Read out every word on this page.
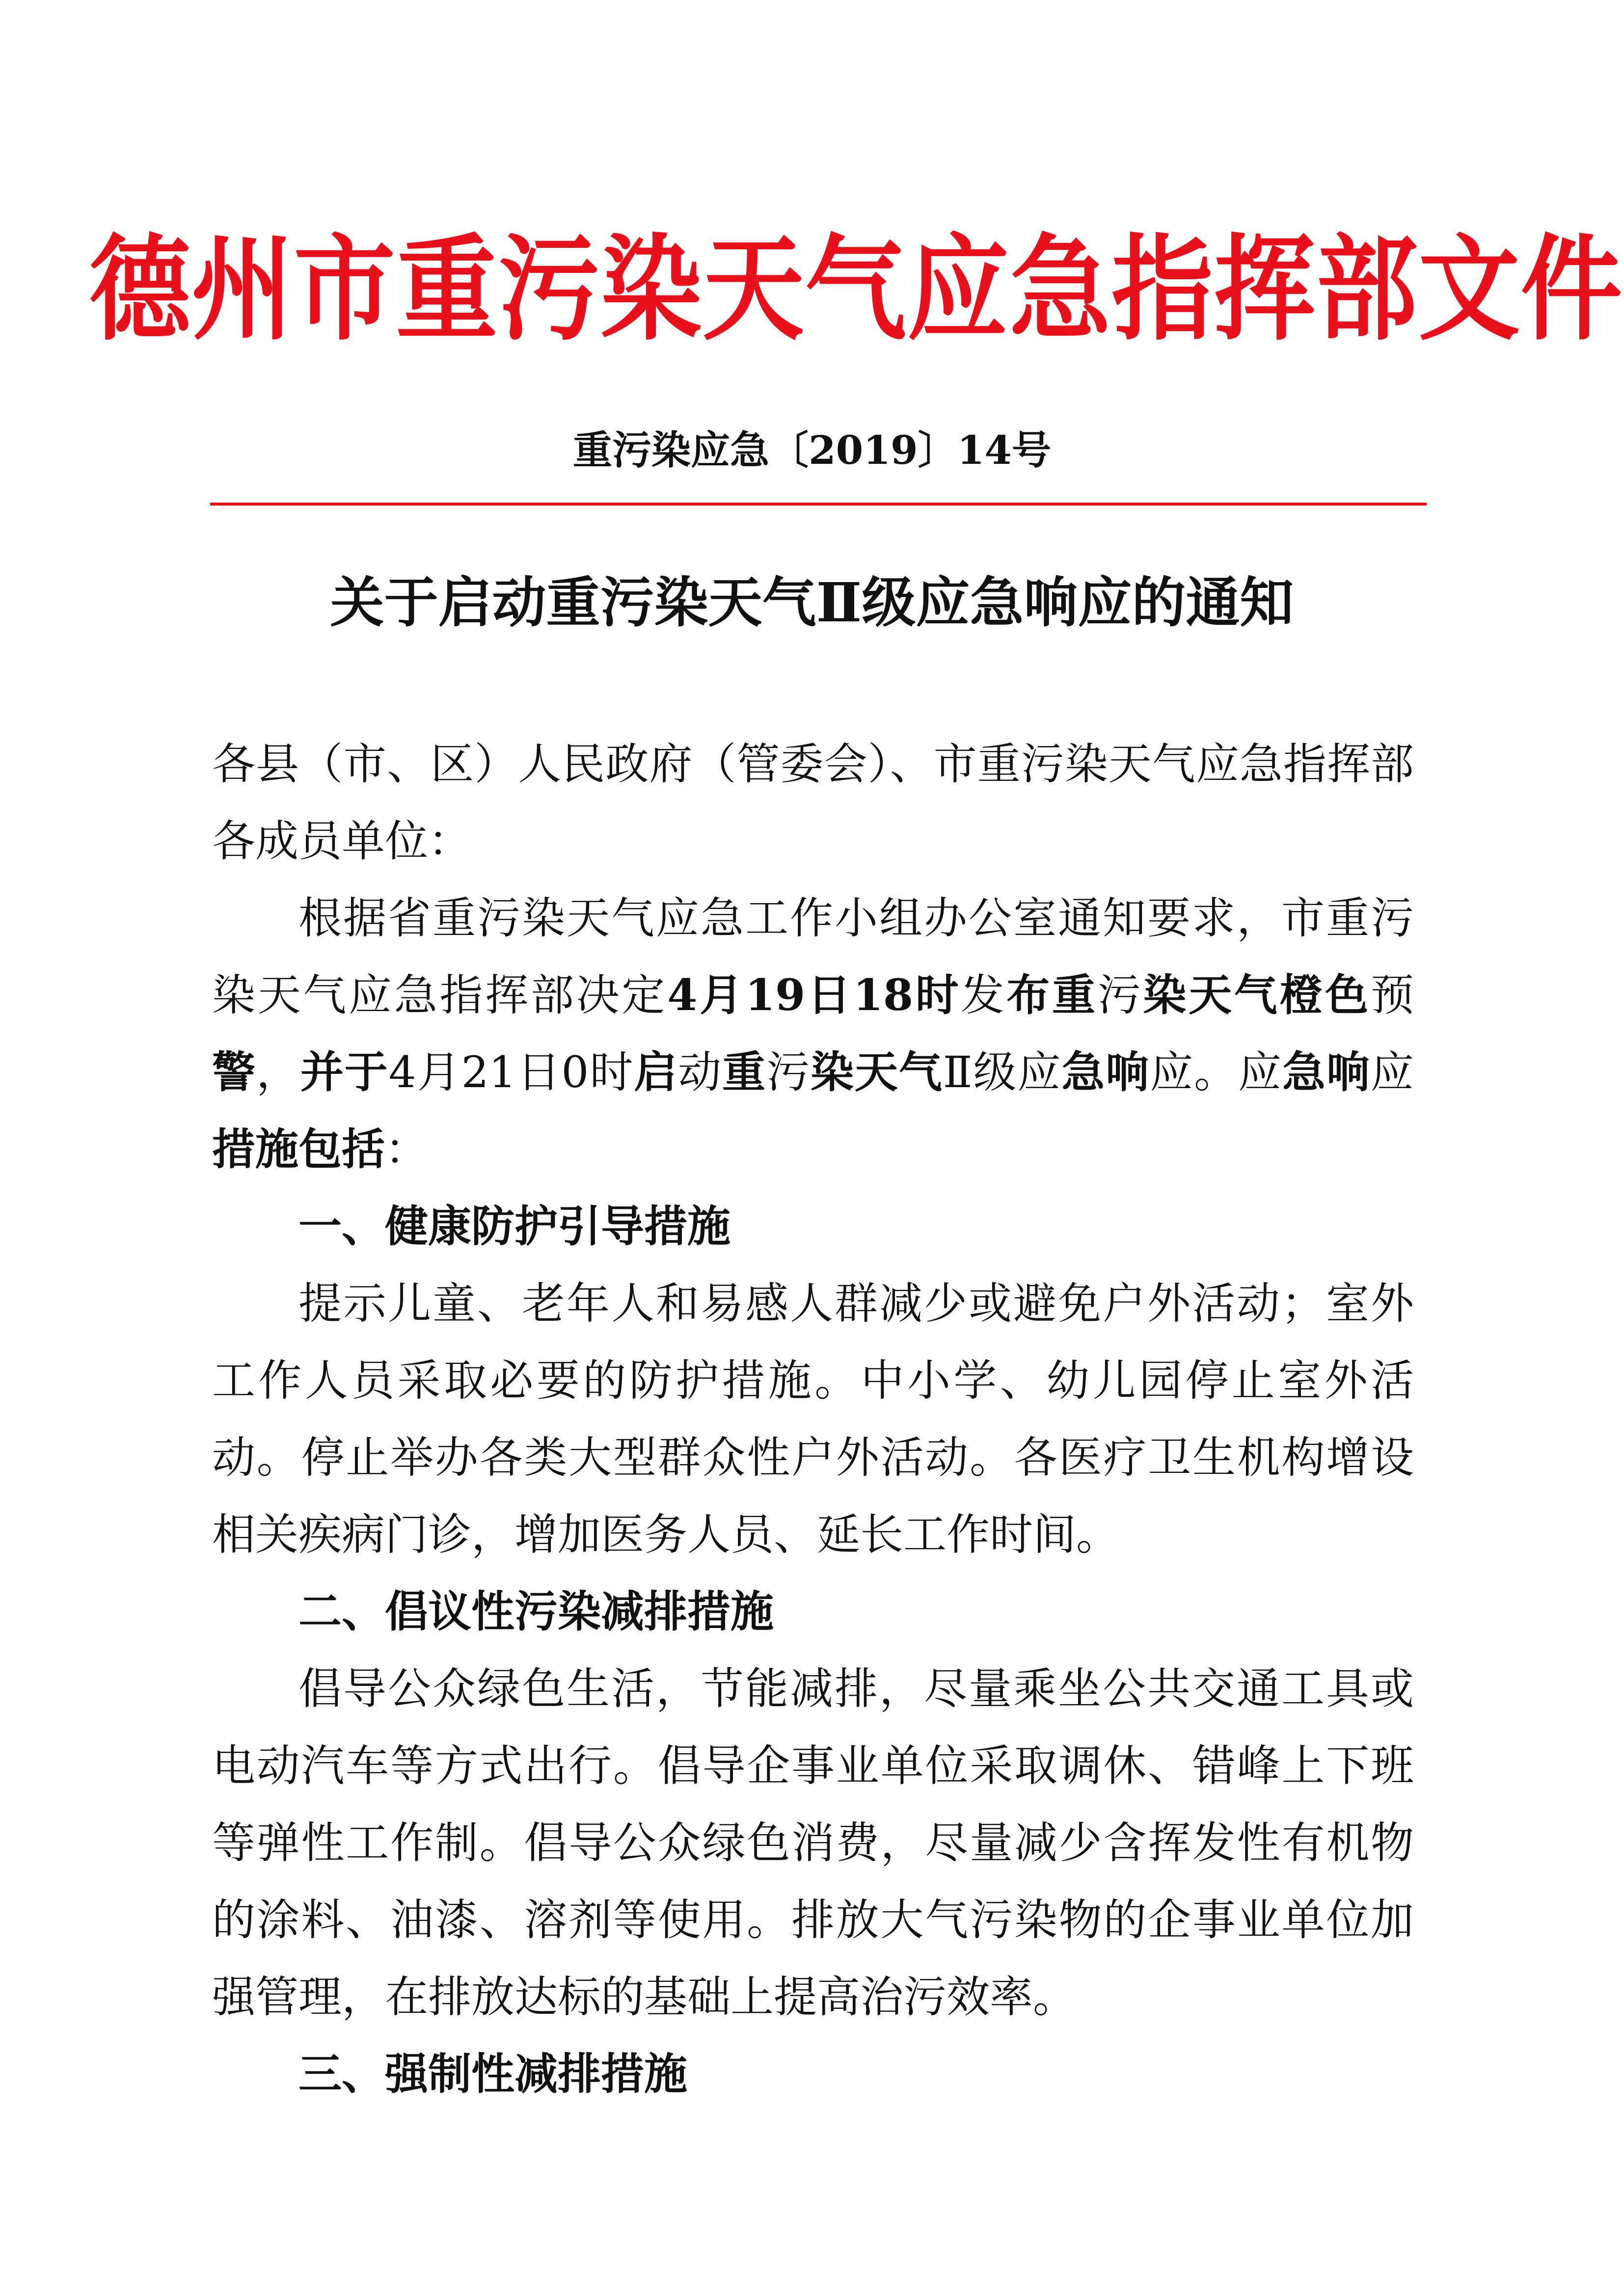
德州市重污染天气应急指挥部文件
重污染应急〔2019〕14号
关于启动重污染天气Ⅱ级应急响应的通知

各县（市、区）人民政府（管委会）、市重污染天气应急指挥部各成员单位：

根据省重污染天气应急工作小组办公室通知要求，市重污染天气应急指挥部决定4月19日18时发布重污染天气橙色预警，并于4月21日0时启动重污染天气Ⅱ级应急响应。应急响应措施包括：

一、健康防护引导措施

提示儿童、老年人和易感人群减少或避免户外活动；室外工作人员采取必要的防护措施。中小学、幼儿园停止室外活动。停止举办各类大型群众性户外活动。各医疗卫生机构增设相关疾病门诊，增加医务人员、延长工作时间。

二、倡议性污染减排措施

倡导公众绿色生活，节能减排，尽量乘坐公共交通工具或电动汽车等方式出行。倡导企事业单位采取调休、错峰上下班等弹性工作制。倡导公众绿色消费，尽量减少含挥发性有机物的涂料、油漆、溶剂等使用。排放大气污染物的企事业单位加强管理，在排放达标的基础上提高治污效率。

三、强制性减排措施
